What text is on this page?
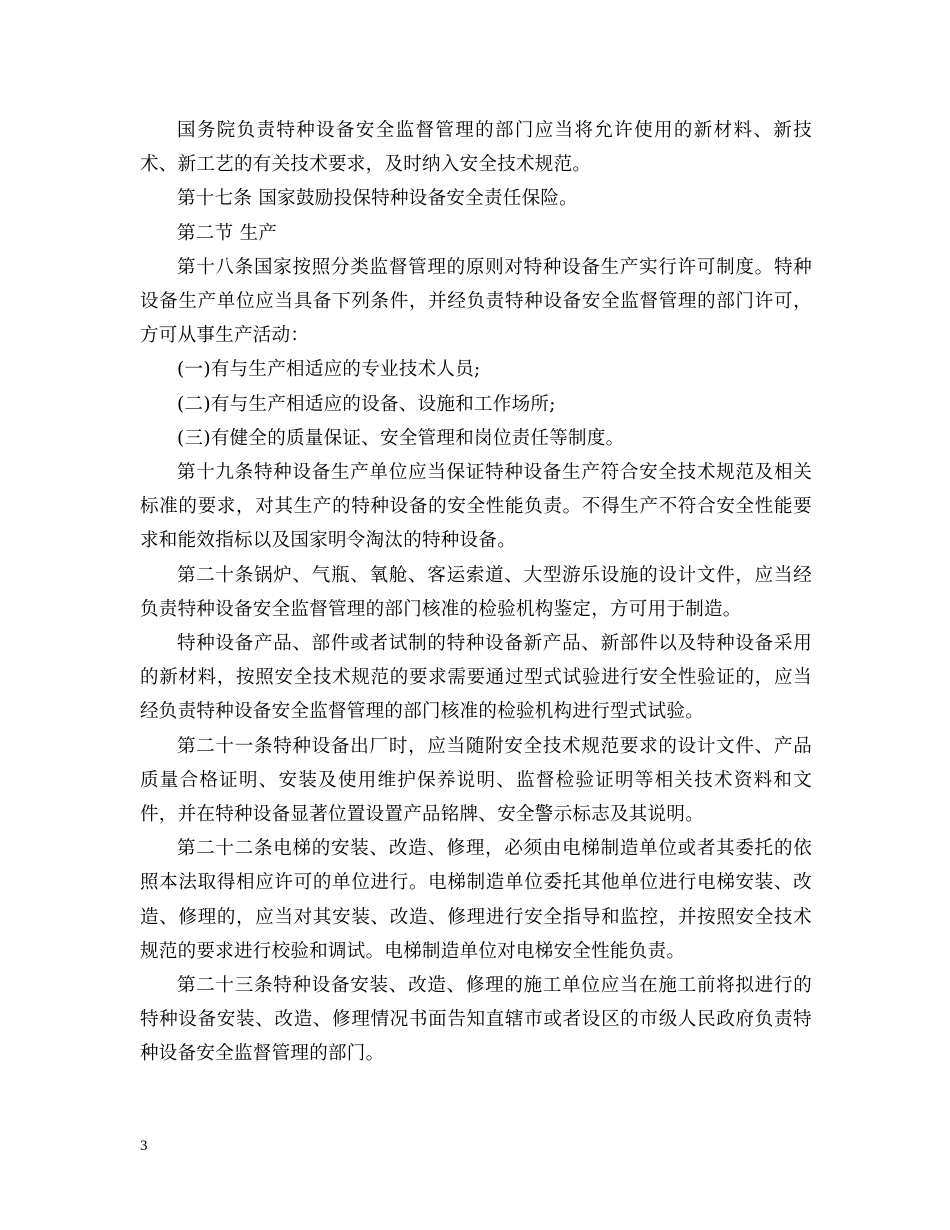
国务院负责特种设备安全监督管理的部门应当将允许使用的新材料、新技术、新工艺的有关技术要求，及时纳入安全技术规范。

第十七条 国家鼓励投保特种设备安全责任保险。

第二节 生产

第十八条国家按照分类监督管理的原则对特种设备生产实行许可制度。特种设备生产单位应当具备下列条件，并经负责特种设备安全监督管理的部门许可，方可从事生产活动：

(一)有与生产相适应的专业技术人员;

(二)有与生产相适应的设备、设施和工作场所;

(三)有健全的质量保证、安全管理和岗位责任等制度。

第十九条特种设备生产单位应当保证特种设备生产符合安全技术规范及相关标准的要求，对其生产的特种设备的安全性能负责。不得生产不符合安全性能要求和能效指标以及国家明令淘汰的特种设备。

第二十条锅炉、气瓶、氧舱、客运索道、大型游乐设施的设计文件，应当经负责特种设备安全监督管理的部门核准的检验机构鉴定，方可用于制造。

特种设备产品、部件或者试制的特种设备新产品、新部件以及特种设备采用的新材料，按照安全技术规范的要求需要通过型式试验进行安全性验证的，应当经负责特种设备安全监督管理的部门核准的检验机构进行型式试验。

第二十一条特种设备出厂时，应当随附安全技术规范要求的设计文件、产品质量合格证明、安装及使用维护保养说明、监督检验证明等相关技术资料和文件，并在特种设备显著位置设置产品铭牌、安全警示标志及其说明。

第二十二条电梯的安装、改造、修理，必须由电梯制造单位或者其委托的依照本法取得相应许可的单位进行。电梯制造单位委托其他单位进行电梯安装、改造、修理的，应当对其安装、改造、修理进行安全指导和监控，并按照安全技术规范的要求进行校验和调试。电梯制造单位对电梯安全性能负责。

第二十三条特种设备安装、改造、修理的施工单位应当在施工前将拟进行的特种设备安装、改造、修理情况书面告知直辖市或者设区的市级人民政府负责特种设备安全监督管理的部门。

3
